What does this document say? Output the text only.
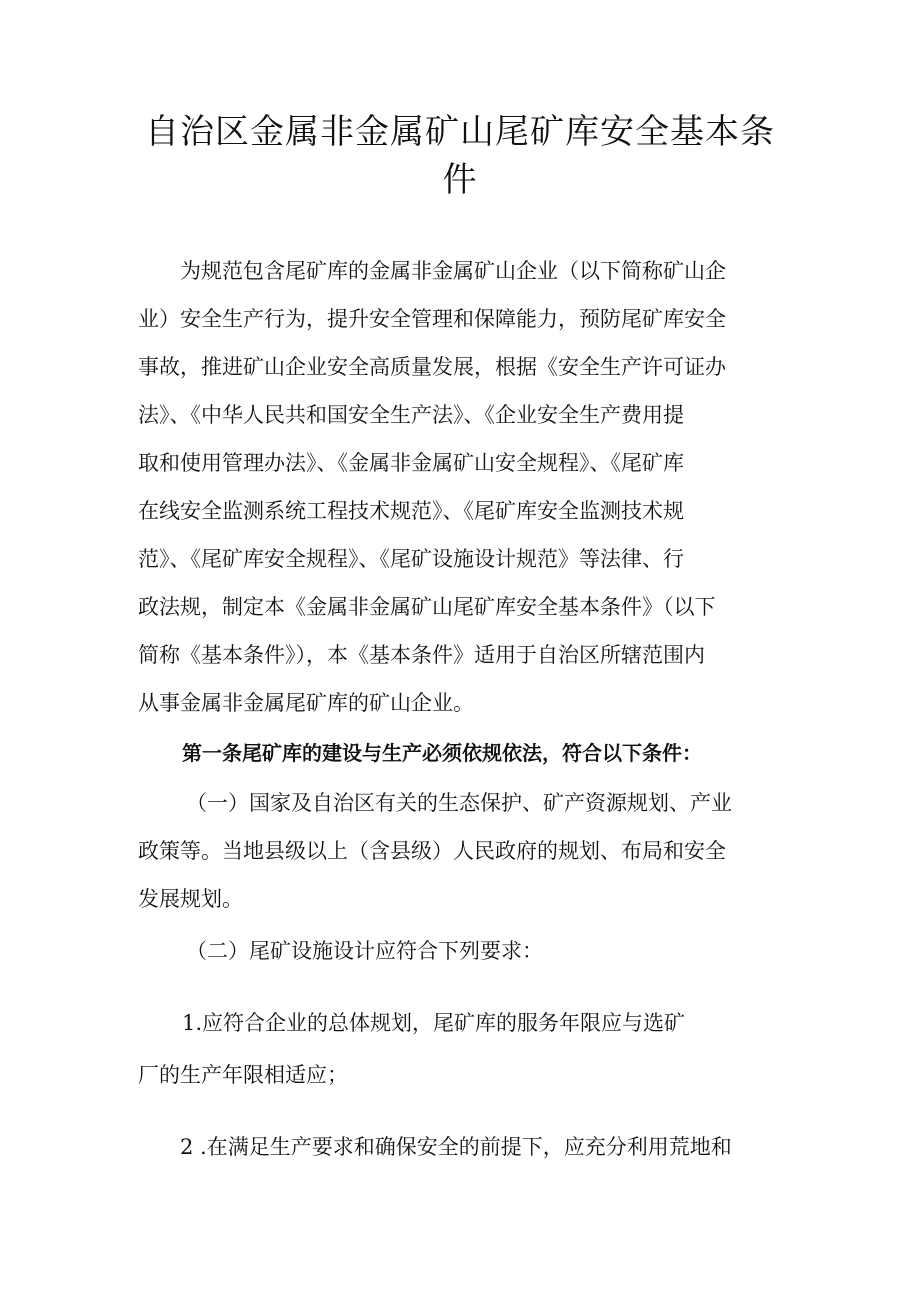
自治区金属非金属矿山尾矿库安全基本条
件
为规范包含尾矿库的金属非金属矿山企业（以下简称矿山企
业）安全生产行为，提升安全管理和保障能力，预防尾矿库安全
事故，推进矿山企业安全高质量发展，根据《安全生产许可证办
法》、《中华人民共和国安全生产法》、《企业安全生产费用提
取和使用管理办法》、《金属非金属矿山安全规程》、《尾矿库
在线安全监测系统工程技术规范》、《尾矿库安全监测技术规
范》、《尾矿库安全规程》、《尾矿设施设计规范》等法律、行
政法规，制定本《金属非金属矿山尾矿库安全基本条件》（以下
简称《基本条件》），本《基本条件》适用于自治区所辖范围内
从事金属非金属尾矿库的矿山企业。
第一条尾矿库的建设与生产必须依规依法，符合以下条件：
（一）国家及自治区有关的生态保护、矿产资源规划、产业
政策等。当地县级以上（含县级）人民政府的规划、布局和安全
发展规划。
（二）尾矿设施设计应符合下列要求：
1.应符合企业的总体规划，尾矿库的服务年限应与选矿
厂的生产年限相适应；
2 .在满足生产要求和确保安全的前提下，应充分利用荒地和
